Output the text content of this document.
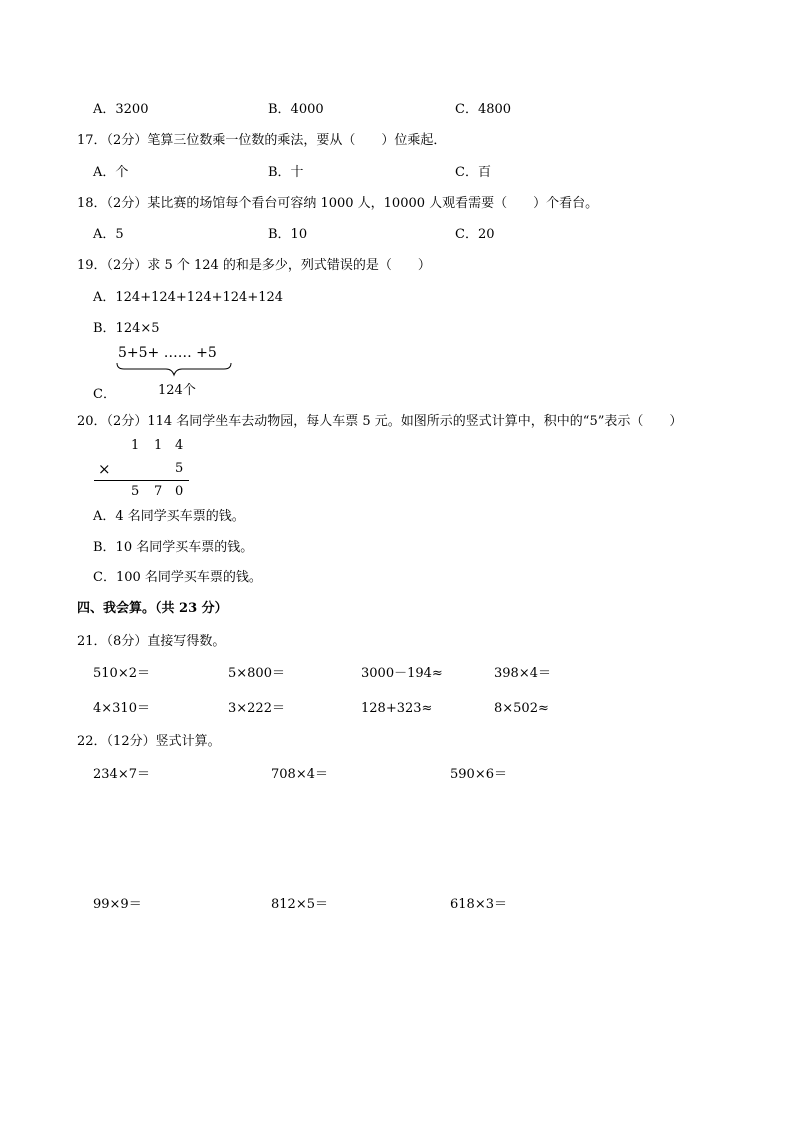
A．3200	B．4000	C．4800
17．（2分）笔算三位数乘一位数的乘法，要从（　　）位乘起．
A．个	B．十	C．百
18．（2分）某比赛的场馆每个看台可容纳 1000 人，10000 人观看需要（　　）个看台。
A．5	B．10	C．20
19．（2分）求 5 个 124 的和是多少，列式错误的是（　　）
A．124+124+124+124+124
B．124×5
5+5+ …… +5
124个
C．
20．（2分）114 名同学坐车去动物园，每人车票 5 元。如图所示的竖式计算中，积中的“5”表示（　　）
1 1 4
×	5
5 7 0
A．4 名同学买车票的钱。
B．10 名同学买车票的钱。
C．100 名同学买车票的钱。
四、我会算。（共 23 分）
21．（8分）直接写得数。
510×2＝	5×800＝	3000－194≈	398×4＝
4×310＝	3×222＝	128+323≈	8×502≈
22．（12分）竖式计算。
234×7＝	708×4＝	590×6＝
99×9＝	812×5＝	618×3＝
